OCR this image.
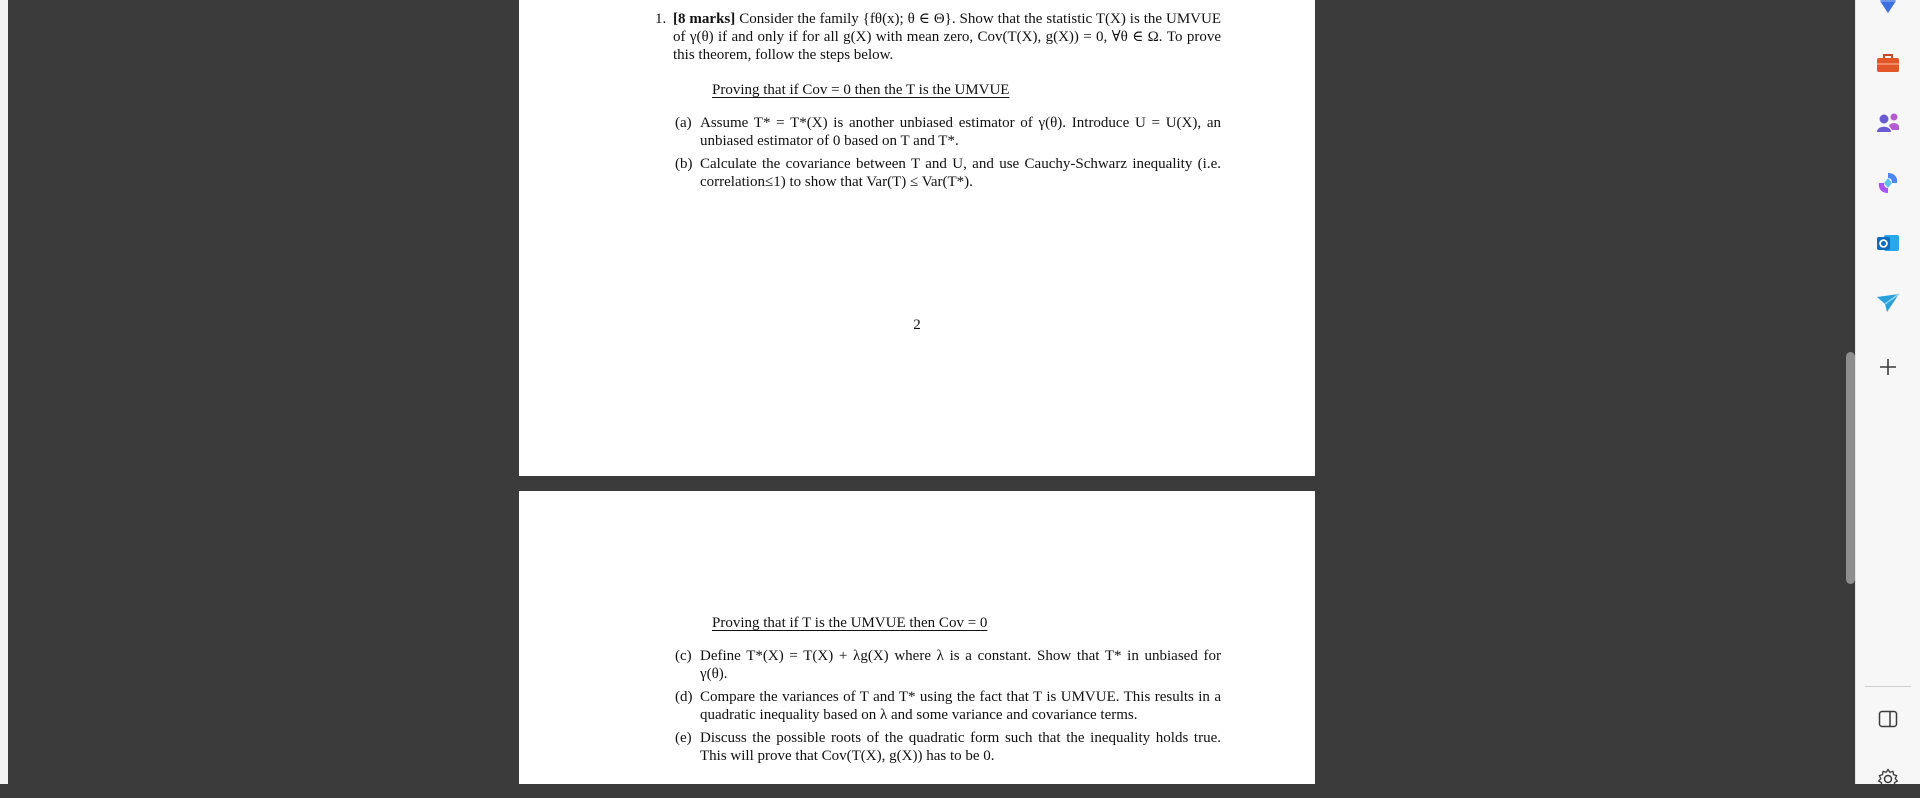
1. [8 marks] Consider the family {fθ(x); θ ∈ Θ}. Show that the statistic T(X) is the UMVUE of γ(θ) if and only if for all g(X) with mean zero, Cov(T(X), g(X)) = 0, ∀θ ∈ Ω. To prove this theorem, follow the steps below.
Proving that if Cov = 0 then the T is the UMVUE
(a) Assume T* = T*(X) is another unbiased estimator of γ(θ). Introduce U = U(X), an unbiased estimator of 0 based on T and T*.
(b) Calculate the covariance between T and U, and use Cauchy-Schwarz inequality (i.e. correlation≤1) to show that Var(T) ≤ Var(T*).
2
Proving that if T is the UMVUE then Cov = 0
(c) Define T*(X) = T(X) + λg(X) where λ is a constant. Show that T* in unbiased for γ(θ).
(d) Compare the variances of T and T* using the fact that T is UMVUE. This results in a quadratic inequality based on λ and some variance and covariance terms.
(e) Discuss the possible roots of the quadratic form such that the inequality holds true. This will prove that Cov(T(X), g(X)) has to be 0.
